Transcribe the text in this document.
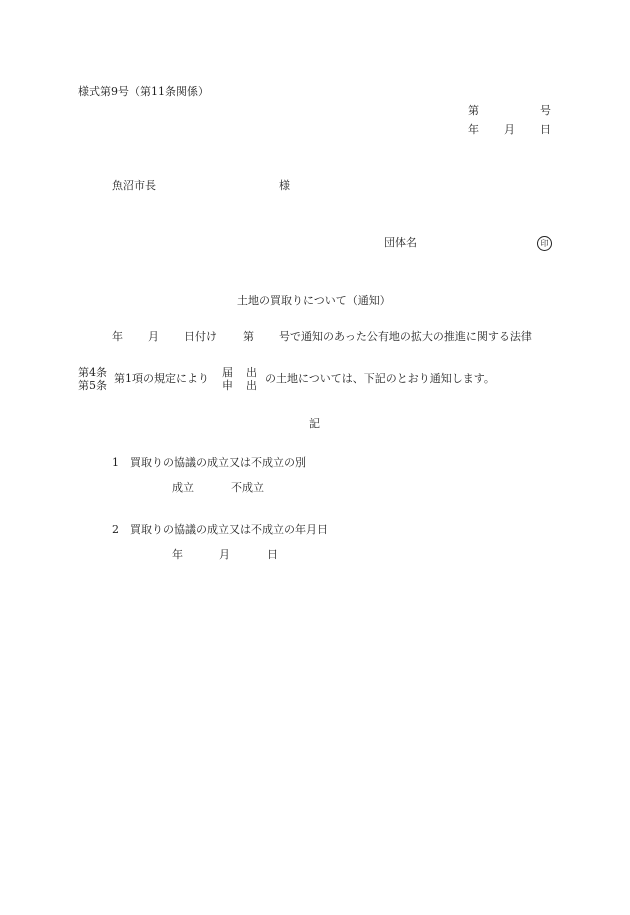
様式第9号（第11条関係）
第	号
年 月 日
魚沼市長	様
団体名	印
土地の買取りについて（通知）
年 月 日付け 第 号で通知のあった公有地の拡大の推進に関する法律
第4条
第5条
第1項の規定により 届 出
申 出
の土地については、下記のとおり通知します。
記
1 買取りの協議の成立又は不成立の別
成立	不成立
2 買取りの協議の成立又は不成立の年月日
年	月	日
